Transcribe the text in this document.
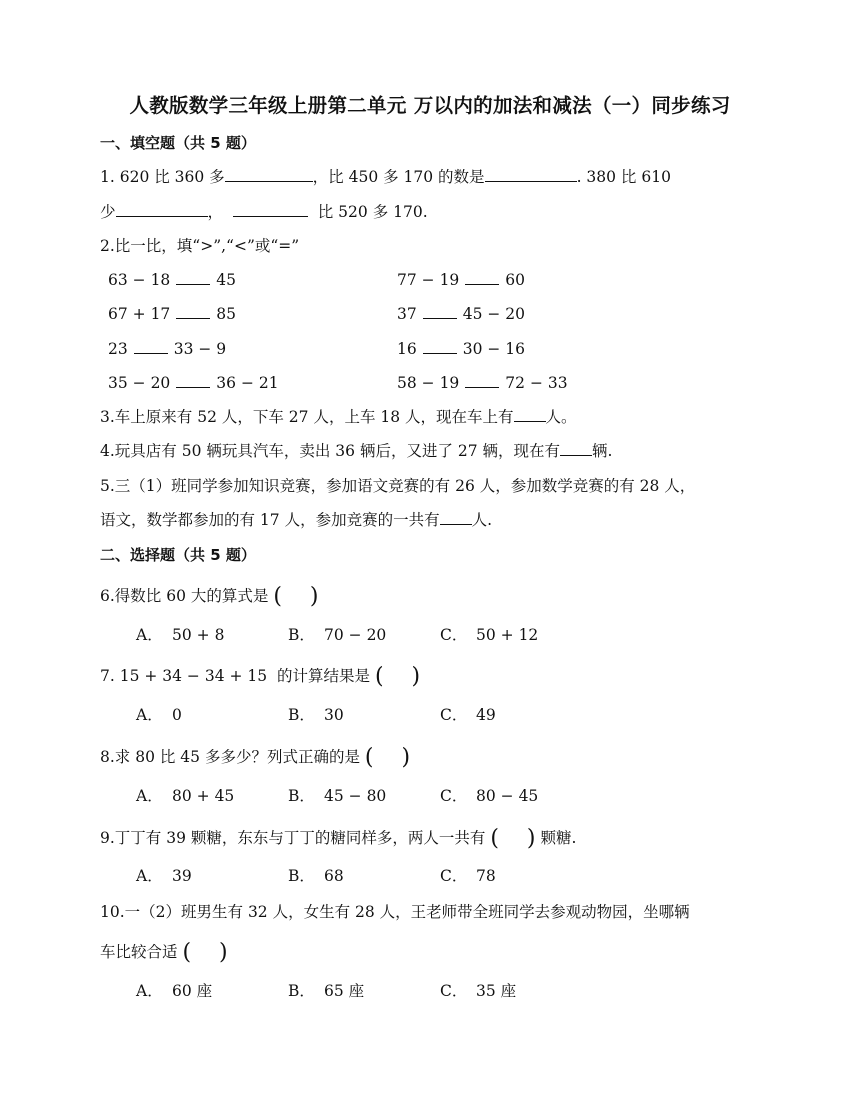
人教版数学三年级上册第二单元 万以内的加法和减法（一）同步练习
一、填空题（共 5 题）
1. 620 比 360 多	，比 450 多 170 的数是	. 380 比 610
少	，	比 520 多 170.
2.比一比，填“>”,“<”或“=”
63 − 18	45	77 − 19	60
67 + 17	85	37	45 − 20
23	33 − 9	16	30 − 16
35 − 20	36 − 21	58 − 19	72 − 33
3.车上原来有 52 人，下车 27 人，上车 18 人，现在车上有 人。
4.玩具店有 50 辆玩具汽车，卖出 36 辆后，又进了 27 辆，现在有 辆.
5.三（1）班同学参加知识竞赛，参加语文竞赛的有 26 人，参加数学竞赛的有 28 人，
语文，数学都参加的有 17 人，参加竞赛的一共有 人.
二、选择题（共 5 题）
6.得数比 60 大的算式是 ( )
A． 50 + 8	B． 70 − 20	C． 50 + 12
7. 15 + 34 − 34 + 15 的计算结果是 ( )
A． 0	B． 30	C． 49
8.求 80 比 45 多多少？列式正确的是 ( )
A． 80 + 45	B． 45 − 80	C． 80 − 45
9.丁丁有 39 颗糖，东东与丁丁的糖同样多，两人一共有 ( ) 颗糖.
A． 39	B． 68	C． 78
10.一（2）班男生有 32 人，女生有 28 人，王老师带全班同学去参观动物园，坐哪辆
车比较合适 ( )
A． 60 座	B． 65 座	C． 35 座
